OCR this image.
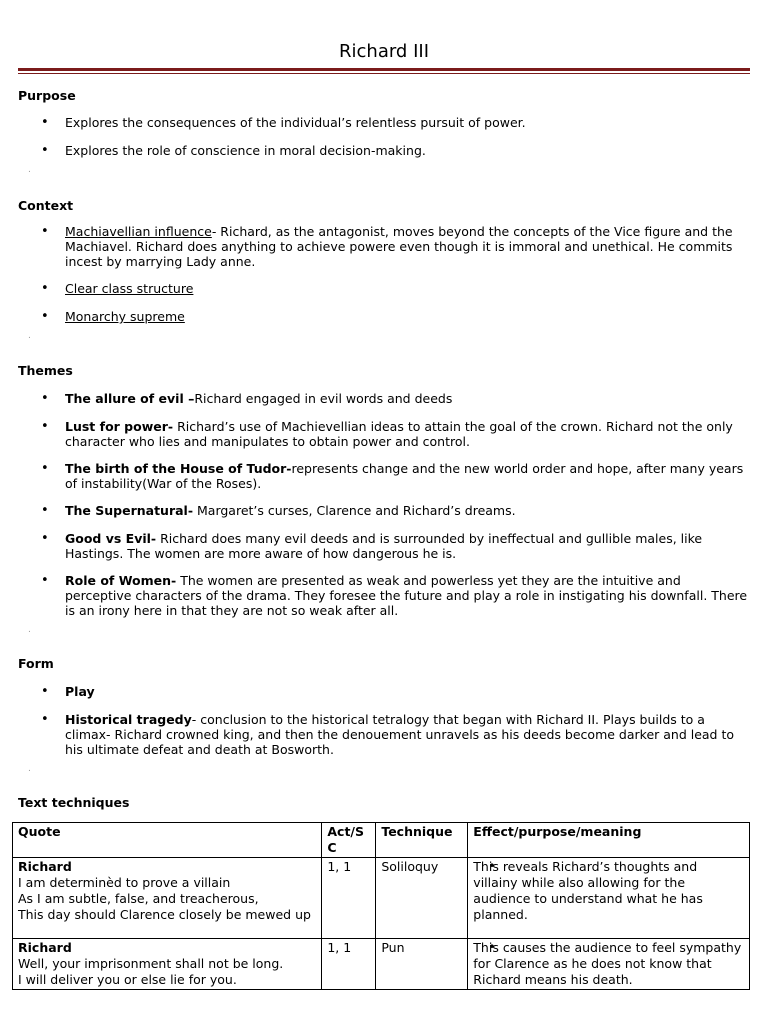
Richard III
Purpose
• Explores the consequences of the individual’s relentless pursuit of power.
• Explores the role of conscience in moral decision-making.
.
Context
• Machiavellian influence- Richard, as the antagonist, moves beyond the concepts of the Vice figure and the Machiavel. Richard does anything to achieve powere even though it is immoral and unethical. He commits incest by marrying Lady anne.
• Clear class structure
• Monarchy supreme
.
Themes
• The allure of evil –Richard engaged in evil words and deeds
• Lust for power- Richard’s use of Machievellian ideas to attain the goal of the crown. Richard not the only character who lies and manipulates to obtain power and control.
• The birth of the House of Tudor-represents change and the new world order and hope, after many years of instability(War of the Roses).
• The Supernatural- Margaret’s curses, Clarence and Richard’s dreams.
• Good vs Evil- Richard does many evil deeds and is surrounded by ineffectual and gullible males, like Hastings. The women are more aware of how dangerous he is.
• Role of Women- The women are presented as weak and powerless yet they are the intuitive and perceptive characters of the drama. They foresee the future and play a role in instigating his downfall. There is an irony here in that they are not so weak after all.
.
Form
• Play
• Historical tragedy- conclusion to the historical tetralogy that began with Richard II. Plays builds to a climax- Richard crowned king, and then the denouement unravels as his deeds become darker and lead to his ultimate defeat and death at Bosworth.
.
Text techniques
Quote	Act/S C	Technique	Effect/purpose/meaning

Richard
I am determinèd to prove a villain
As I am subtle, false, and treacherous,
This day should Clarence closely be mewed up	1, 1	Soliloquy	• This reveals Richard’s thoughts and villainy while also allowing for the audience to understand what he has planned.

Richard
Well, your imprisonment shall not be long.
I will deliver you or else lie for you.	1, 1	Pun	• This causes the audience to feel sympathy for Clarence as he does not know that Richard means his death.
